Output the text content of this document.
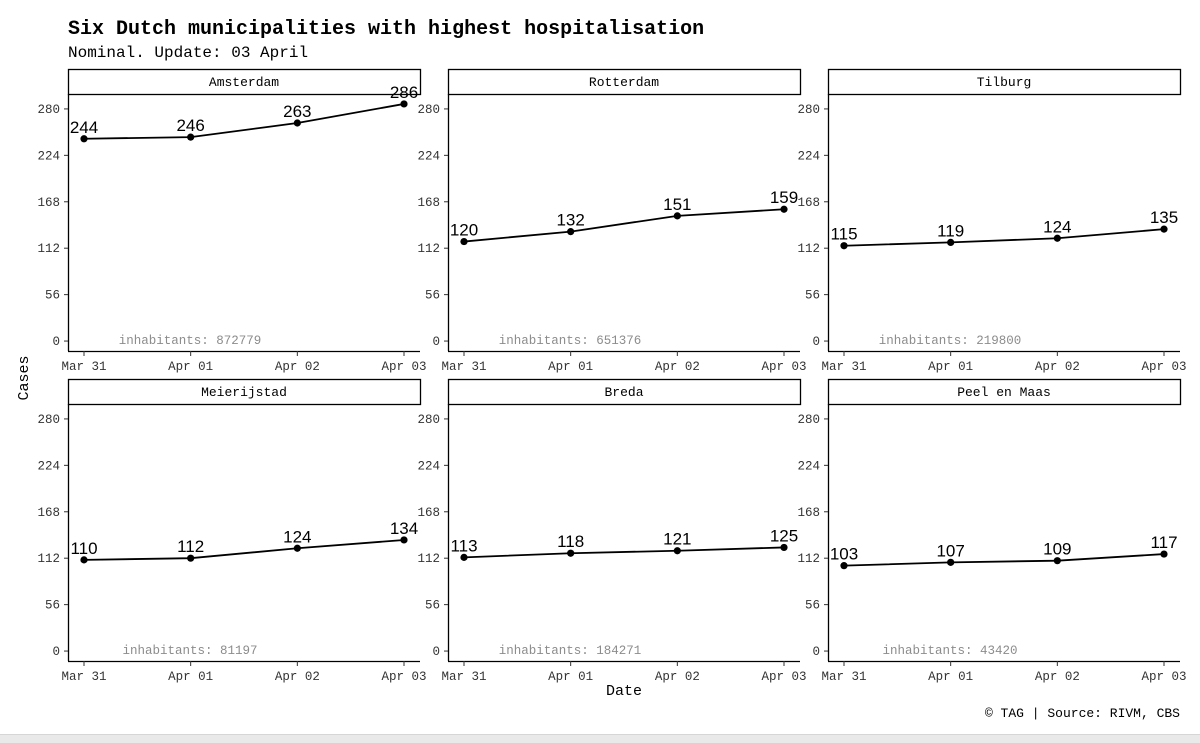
Six Dutch municipalities with highest hospitalisation
Nominal. Update: 03 April
Amsterdam
0
56
112
168
224
280
Mar 31	Apr 01	Apr 02	Apr 03
244	246
263
286
inhabitants: 872779
Rotterdam
0
56
112
168
224
280
Mar 31	Apr 01	Apr 02	Apr 03
120
132
151	159
inhabitants: 651376
Tilburg
0
56
112
168
224
280
Mar 31	Apr 01	Apr 02	Apr 03
115	119	124	135
inhabitants: 219800
Meierijstad
0
56
112
168
224
280
Mar 31	Apr 01	Apr 02	Apr 03
110	112
124	134
inhabitants: 81197
Breda
0
56
112
168
224
280
Mar 31	Apr 01	Apr 02	Apr 03
113	118	121	125
inhabitants: 184271
Peel en Maas
0
56
112
168
224
280
Mar 31	Apr 01	Apr 02	Apr 03
103	107	109	117
inhabitants: 43420
Cases
Date
© TAG | Source: RIVM, CBS
